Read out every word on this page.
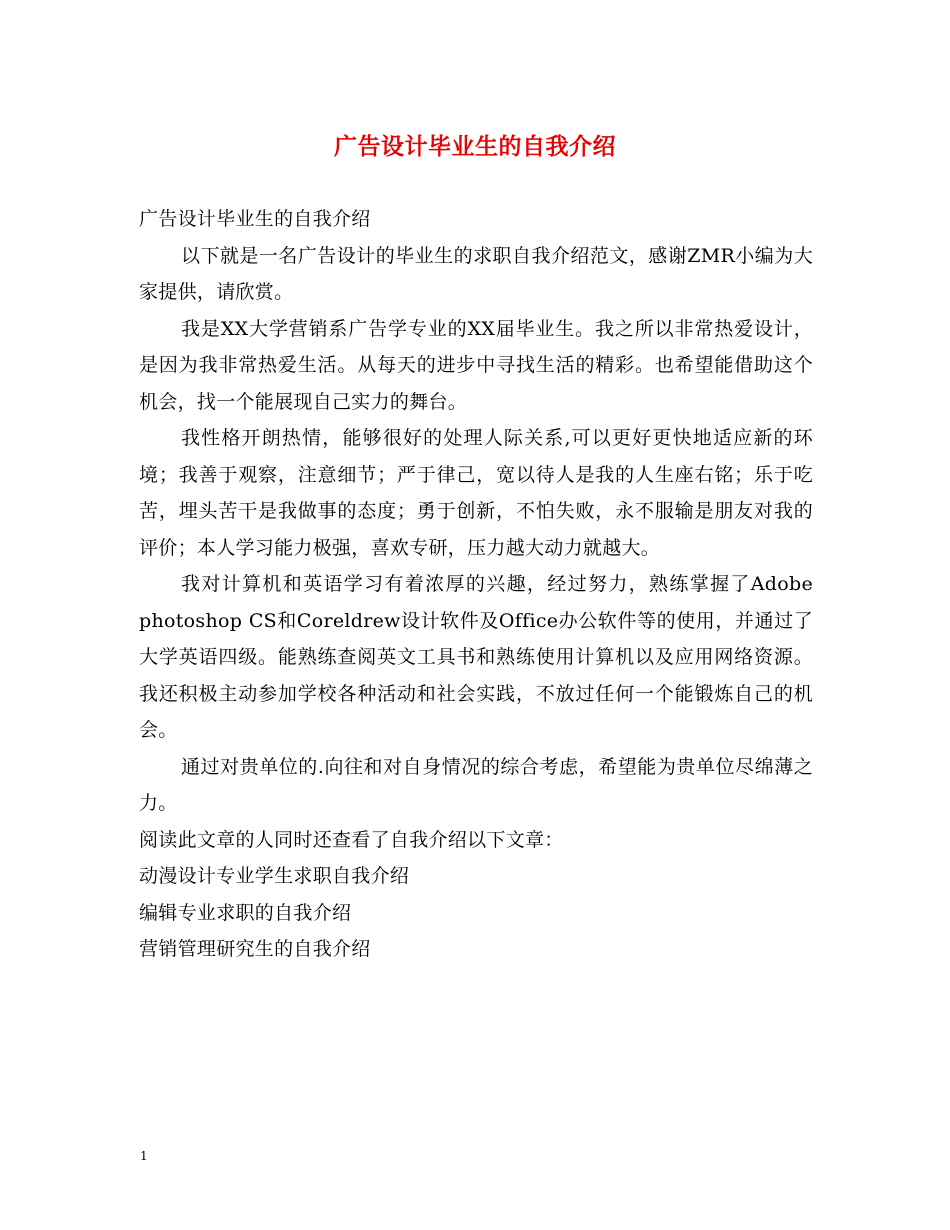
广告设计毕业生的自我介绍

广告设计毕业生的自我介绍

以下就是一名广告设计的毕业生的求职自我介绍范文，感谢ZMR小编为大家提供，请欣赏。

我是XX大学营销系广告学专业的XX届毕业生。我之所以非常热爱设计，是因为我非常热爱生活。从每天的进步中寻找生活的精彩。也希望能借助这个机会，找一个能展现自己实力的舞台。

我性格开朗热情，能够很好的处理人际关系,可以更好更快地适应新的环境；我善于观察，注意细节；严于律己，宽以待人是我的人生座右铭；乐于吃苦，埋头苦干是我做事的态度；勇于创新，不怕失败，永不服输是朋友对我的评价；本人学习能力极强，喜欢专研，压力越大动力就越大。

我对计算机和英语学习有着浓厚的兴趣，经过努力，熟练掌握了Adobe photoshop CS和Coreldrew设计软件及Office办公软件等的使用，并通过了大学英语四级。能熟练查阅英文工具书和熟练使用计算机以及应用网络资源。我还积极主动参加学校各种活动和社会实践，不放过任何一个能锻炼自己的机会。

通过对贵单位的.向往和对自身情况的综合考虑，希望能为贵单位尽绵薄之力。

阅读此文章的人同时还查看了自我介绍以下文章：

动漫设计专业学生求职自我介绍

编辑专业求职的自我介绍

营销管理研究生的自我介绍

1
